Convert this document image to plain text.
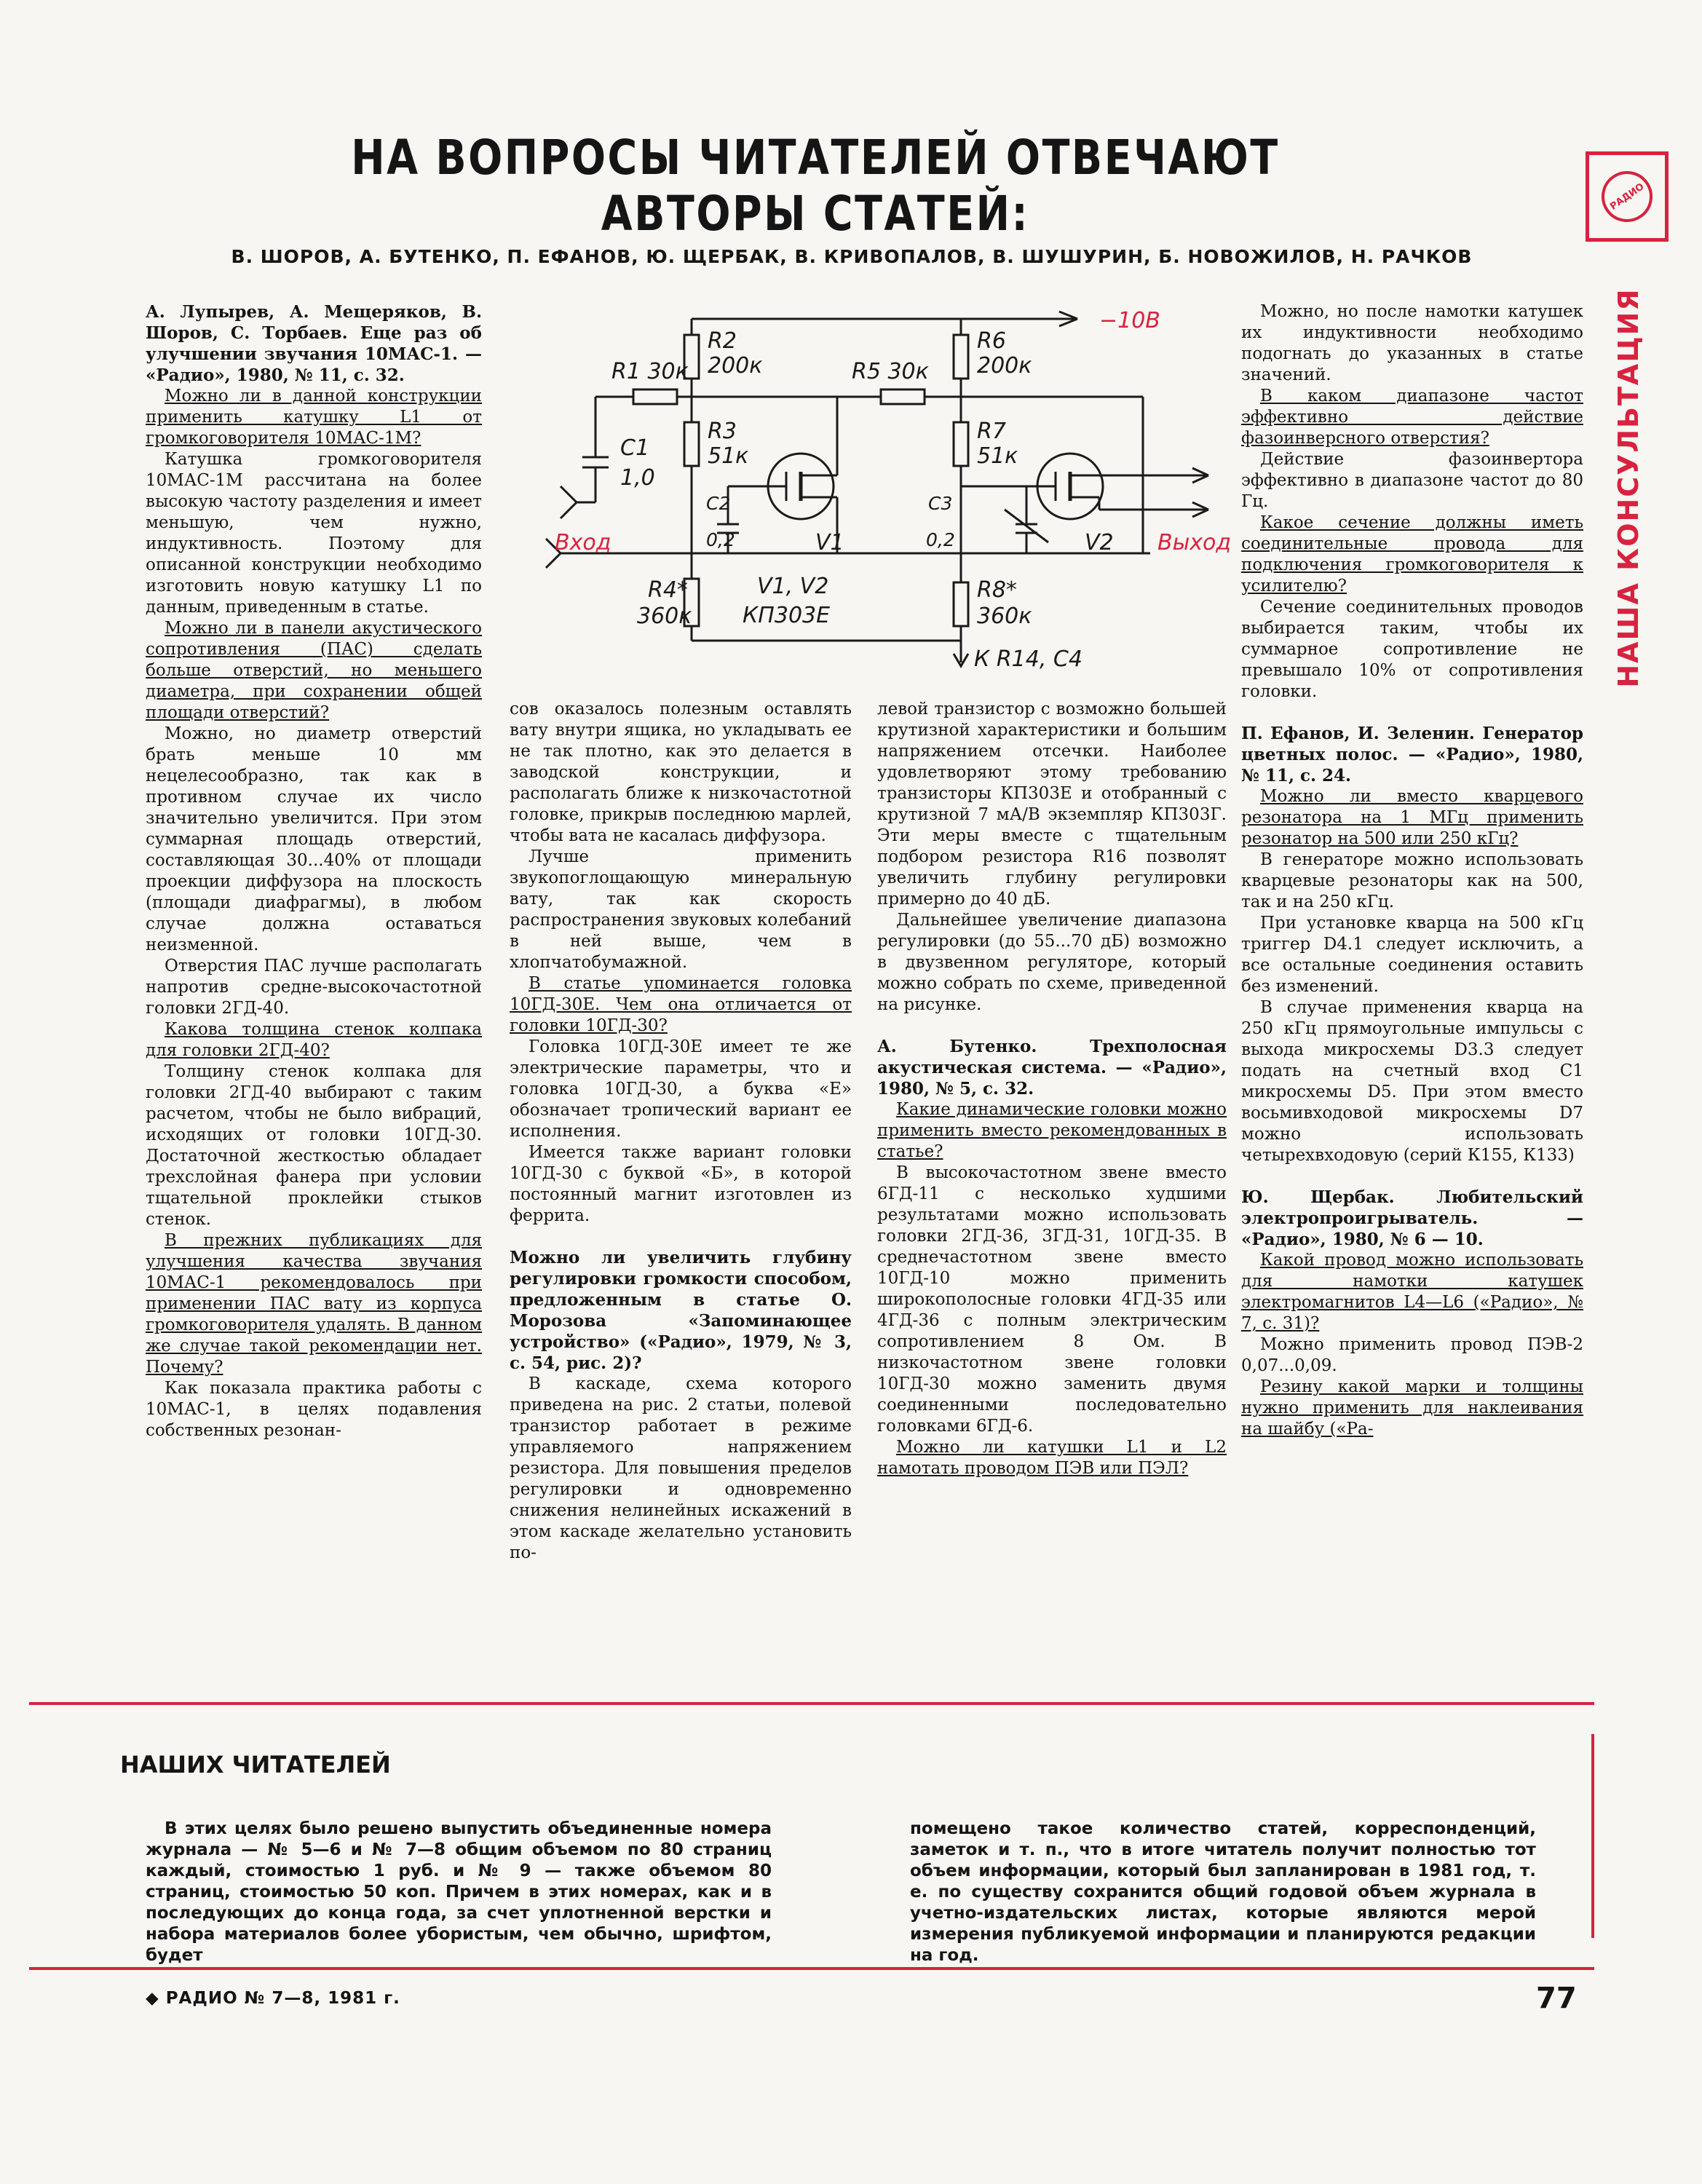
НА ВОПРОСЫ ЧИТАТЕЛЕЙ ОТВЕЧАЮТ АВТОРЫ СТАТЕЙ:
В. ШОРОВ, А. БУТЕНКО, П. ЕФАНОВ, Ю. ЩЕРБАК, В. КРИВОПАЛОВ, В. ШУШУРИН, Б. НОВОЖИЛОВ, Н. РАЧКОВ
РАДИО
НАША КОНСУЛЬТАЦИЯ

А. Лупырев, А. Мещеряков, В. Шоров, С. Торбаев. Еще раз об улучшении звучания 10МАС-1. — «Радио», 1980, № 11, с. 32.

Можно ли в данной конструкции применить катушку L1 от громкоговорителя 10МАС-1М?

Катушка громкоговорителя 10МАС-1М рассчитана на более высокую частоту разделения и имеет меньшую, чем нужно, индуктивность. Поэтому для описанной конструкции необходимо изготовить новую катушку L1 по данным, приведенным в статье.

Можно ли в панели акустического сопротивления (ПАС) сделать больше отверстий, но меньшего диаметра, при сохранении общей площади отверстий?

Можно, но диаметр отверстий брать меньше 10 мм нецелесообразно, так как в противном случае их число значительно увеличится. При этом суммарная площадь отверстий, составляющая 30...40% от площади проекции диффузора на плоскость (площади диафрагмы), в любом случае должна оставаться неизменной.

Отверстия ПАС лучше располагать напротив средне-высокочастотной головки 2ГД-40.

Какова толщина стенок колпака для головки 2ГД-40?

Толщину стенок колпака для головки 2ГД-40 выбирают с таким расчетом, чтобы не было вибраций, исходящих от головки 10ГД-30. Достаточной жесткостью обладает трехслойная фанера при условии тщательной проклейки стыков стенок.

В прежних публикациях для улучшения качества звучания 10МАС-1 рекомендовалось при применении ПАС вату из корпуса громкоговорителя удалять. В данном же случае такой рекомендации нет. Почему?

Как показала практика работы с 10МАС-1, в целях подавления собственных резонан-

−10В
R2
200к
R6
200к
R1 30к	R5 30к
С1
1,0
R3
51к
V1
С2
0,2
Вход
R4*
360к
V1, V2
КП303Е
R7
51к
V2 Выход
С3
0,2
R8*
360к
К R14, С4

сов оказалось полезным оставлять вату внутри ящика, но укладывать ее не так плотно, как это делается в заводской конструкции, и располагать ближе к низкочастотной головке, прикрыв последнюю марлей, чтобы вата не касалась диффузора.

Лучше применить звукопоглощающую минеральную вату, так как скорость распространения звуковых колебаний в ней выше, чем в хлопчатобумажной.

В статье упоминается головка 10ГД-30Е. Чем она отличается от головки 10ГД-30?

Головка 10ГД-30Е имеет те же электрические параметры, что и головка 10ГД-30, а буква «Е» обозначает тропический вариант ее исполнения.

Имеется также вариант головки 10ГД-30 с буквой «Б», в которой постоянный магнит изготовлен из феррита.

Можно ли увеличить глубину регулировки громкости способом, предложенным в статье О. Морозова «Запоминающее устройство» («Радио», 1979, № 3, с. 54, рис. 2)?

В каскаде, схема которого приведена на рис. 2 статьи, полевой транзистор работает в режиме управляемого напряжением резистора. Для повышения пределов регулировки и одновременно снижения нелинейных искажений в этом каскаде желательно установить по-

левой транзистор с возможно большей крутизной характеристики и большим напряжением отсечки. Наиболее удовлетворяют этому требованию транзисторы КП303Е и отобранный с крутизной 7 мА/В экземпляр КП303Г. Эти меры вместе с тщательным подбором резистора R16 позволят увеличить глубину регулировки примерно до 40 дБ.

Дальнейшее увеличение диапазона регулировки (до 55...70 дБ) возможно в двузвенном регуляторе, который можно собрать по схеме, приведенной на рисунке.

А. Бутенко. Трехполосная акустическая система. — «Радио», 1980, № 5, с. 32.

Какие динамические головки можно применить вместо рекомендованных в статье?

В высокочастотном звене вместо 6ГД-11 с несколько худшими результатами можно использовать головки 2ГД-36, 3ГД-31, 10ГД-35. В среднечастотном звене вместо 10ГД-10 можно применить широкополосные головки 4ГД-35 или 4ГД-36 с полным электрическим сопротивлением 8 Ом. В низкочастотном звене головки 10ГД-30 можно заменить двумя соединенными последовательно головками 6ГД-6.

Можно ли катушки L1 и L2 намотать проводом ПЭВ или ПЭЛ?

Можно, но после намотки катушек их индуктивности необходимо подогнать до указанных в статье значений.

В каком диапазоне частот эффективно действие фазоинверсного отверстия?

Действие фазоинвертора эффективно в диапазоне частот до 80 Гц.

Какое сечение должны иметь соединительные провода для подключения громкоговорителя к усилителю?

Сечение соединительных проводов выбирается таким, чтобы их суммарное сопротивление не превышало 10% от сопротивления головки.

П. Ефанов, И. Зеленин. Генератор цветных полос. — «Радио», 1980, № 11, с. 24.

Можно ли вместо кварцевого резонатора на 1 МГц применить резонатор на 500 или 250 кГц?

В генераторе можно использовать кварцевые резонаторы как на 500, так и на 250 кГц.

При установке кварца на 500 кГц триггер D4.1 следует исключить, а все остальные соединения оставить без изменений.

В случае применения кварца на 250 кГц прямоугольные импульсы с выхода микросхемы D3.3 следует подать на счетный вход C1 микросхемы D5. При этом вместо восьмивходовой микросхемы D7 можно использовать четырехвходовую (серий К155, К133)

Ю. Щербак. Любительский электропроигрыватель. — «Радио», 1980, № 6 — 10.

Какой провод можно использовать для намотки катушек электромагнитов L4—L6 («Радио», № 7, с. 31)?

Можно применить провод ПЭВ-2 0,07...0,09.

Резину какой марки и толщины нужно применить для наклеивания на шайбу («Ра-

НАШИХ ЧИТАТЕЛЕЙ

В этих целях было решено выпустить объединенные номера журнала — № 5—6 и № 7—8 общим объемом по 80 страниц каждый, стоимостью 1 руб. и № 9 — также объемом 80 страниц, стоимостью 50 коп. Причем в этих номерах, как и в последующих до конца года, за счет уплотненной верстки и набора материалов более убористым, чем обычно, шрифтом, будет

помещено такое количество статей, корреспонденций, заметок и т. п., что в итоге читатель получит полностью тот объем информации, который был запланирован в 1981 год, т. е. по существу сохранится общий годовой объем журнала в учетно-издательских листах, которые являются мерой измерения публикуемой информации и планируются редакции на год.

◆ РАДИО № 7—8, 1981 г.	77
